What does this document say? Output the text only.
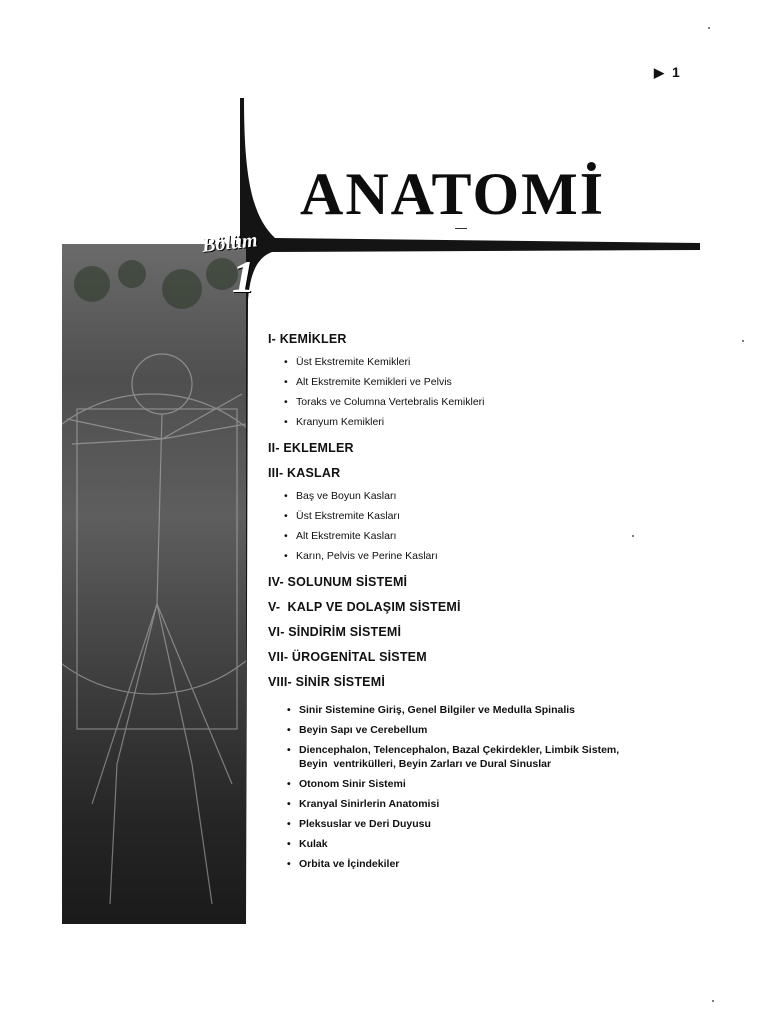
▶ 1
Bölüm
1
ANATOMİ

I- KEMİKLER

• Üst Ekstremite Kemikleri
• Alt Ekstremite Kemikleri ve Pelvis
• Toraks ve Columna Vertebralis Kemikleri
• Kranyum Kemikleri

II- EKLEMLER

III- KASLAR

• Baş ve Boyun Kasları
• Üst Ekstremite Kasları
• Alt Ekstremite Kasları
• Karın, Pelvis ve Perine Kasları

IV- SOLUNUM SİSTEMİ

V-  KALP VE DOLAŞIM SİSTEMİ

VI- SİNDİRİM SİSTEMİ

VII- ÜROGENİTAL SİSTEM

VIII- SİNİR SİSTEMİ

• Sinir Sistemine Giriş, Genel Bilgiler ve Medulla Spinalis
• Beyin Sapı ve Cerebellum
• Diencephalon, Telencephalon, Bazal Çekirdekler, Limbik Sistem,
Beyin  ventrikülleri, Beyin Zarları ve Dural Sinuslar
• Otonom Sinir Sistemi
• Kranyal Sinirlerin Anatomisi
• Pleksuslar ve Deri Duyusu
• Kulak
• Orbita ve İçindekiler
